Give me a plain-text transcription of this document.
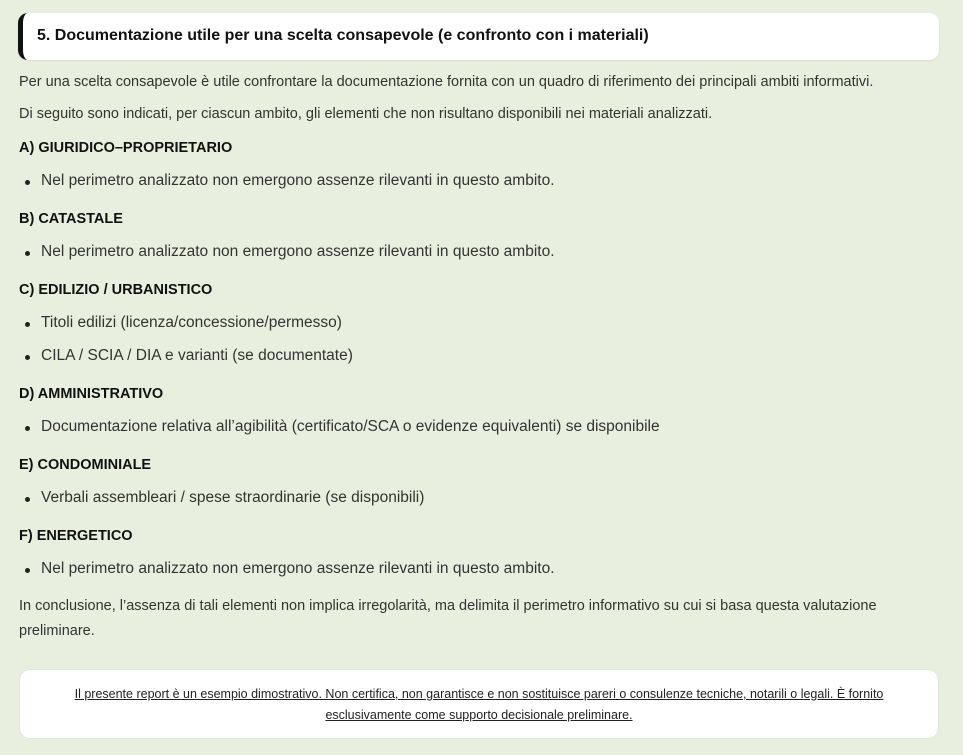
5. Documentazione utile per una scelta consapevole (e confronto con i materiali)
Per una scelta consapevole è utile confrontare la documentazione fornita con un quadro di riferimento dei principali ambiti informativi.
Di seguito sono indicati, per ciascun ambito, gli elementi che non risultano disponibili nei materiali analizzati.
A) GIURIDICO–PROPRIETARIO
Nel perimetro analizzato non emergono assenze rilevanti in questo ambito.
B) CATASTALE
Nel perimetro analizzato non emergono assenze rilevanti in questo ambito.
C) EDILIZIO / URBANISTICO
Titoli edilizi (licenza/concessione/permesso)
CILA / SCIA / DIA e varianti (se documentate)
D) AMMINISTRATIVO
Documentazione relativa all’agibilità (certificato/SCA o evidenze equivalenti) se disponibile
E) CONDOMINIALE
Verbali assembleari / spese straordinarie (se disponibili)
F) ENERGETICO
Nel perimetro analizzato non emergono assenze rilevanti in questo ambito.
In conclusione, l’assenza di tali elementi non implica irregolarità, ma delimita il perimetro informativo su cui si basa questa valutazione preliminare.

Il presente report è un esempio dimostrativo. Non certifica, non garantisce e non sostituisce pareri o consulenze tecniche, notarili o legali. È fornito esclusivamente come supporto decisionale preliminare.
